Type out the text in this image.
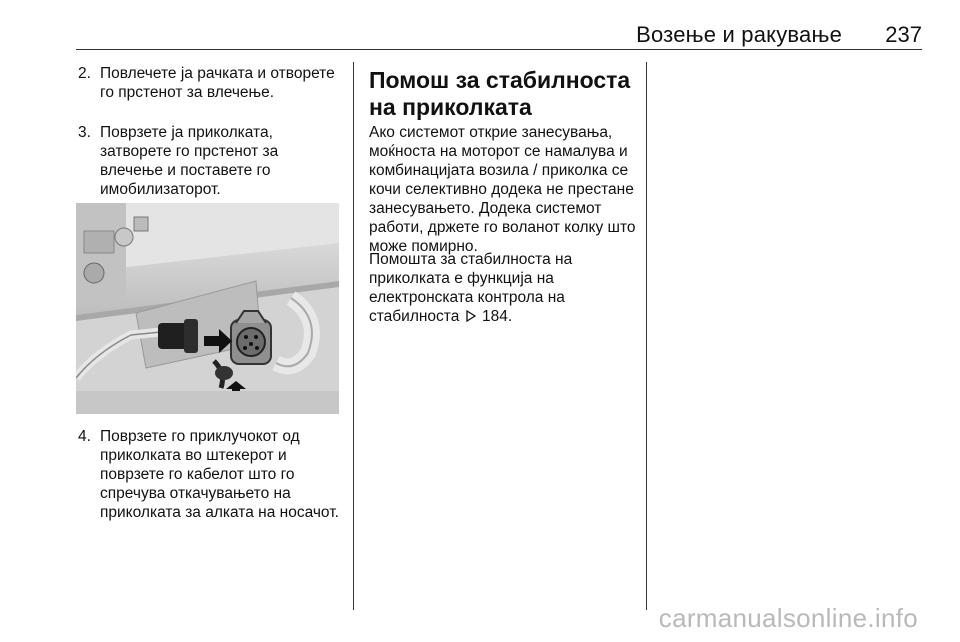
Возење и ракување 237
2. Повлечете ја рачката и отворете го прстенот за влечење.
3. Поврзете ја приколката, затворете го прстенот за влечење и поставете го имобилизаторот.
4. Поврзете го приклучокот од приколката во штекерот и поврзете го кабелот што го спречува откачувањето на приколката за алката на носачот.
Помош за стабилноста на приколката
Ако системот открие занесувања, моќноста на моторот се намалува и комбинацијата возила / приколка се кочи селективно додека не престане занесувањето. Додека системот работи, држете го воланот колку што може помирно.
Помошта за стабилноста на приколката е функција на електронската контрола на стабилноста 184.
carmanualsonline.info
